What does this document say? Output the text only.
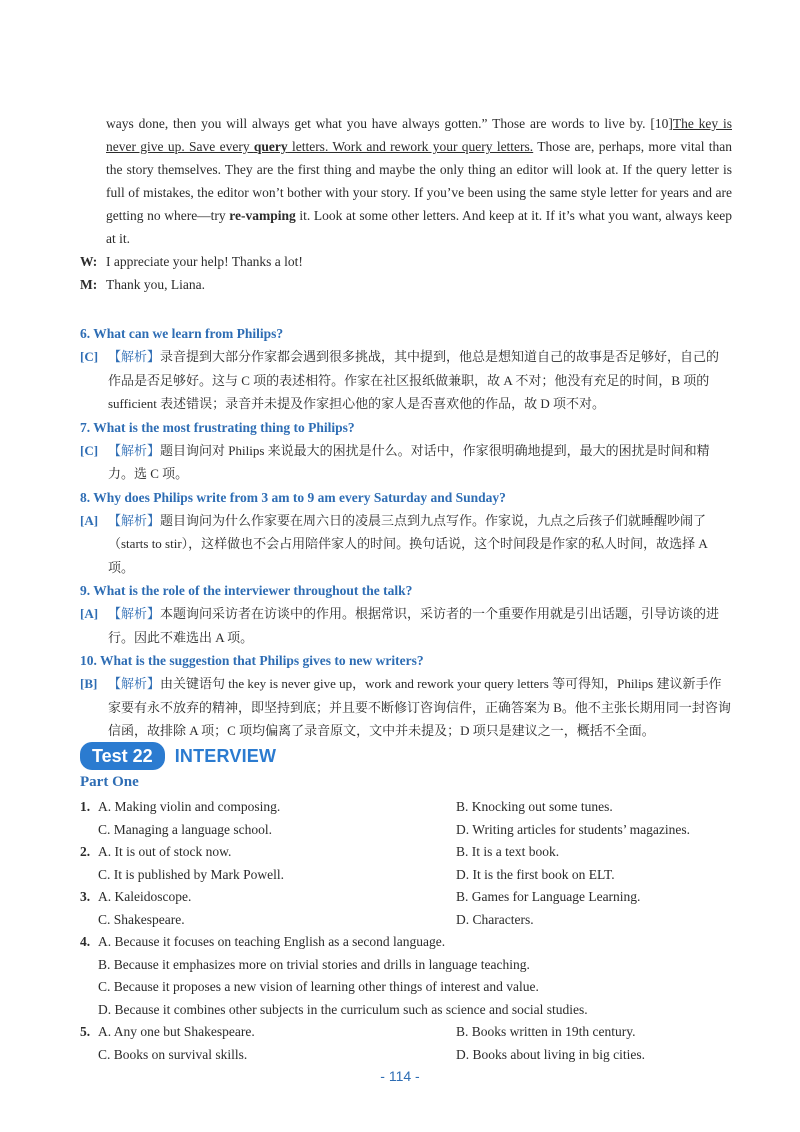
ways done, then you will always get what you have always gotten.” Those are words to live by. [10]The key is never give up. Save every query letters. Work and rework your query letters. Those are, perhaps, more vital than the story themselves. They are the first thing and maybe the only thing an editor will look at. If the query letter is full of mistakes, the editor won’t bother with your story. If you’ve been using the same style letter for years and are getting no where—try re-vamping it. Look at some other letters. And keep at it. If it’s what you want, always keep at it.

W: I appreciate your help! Thanks a lot!

M: Thank you, Liana.

6. What can we learn from Philips?

[C] 【解析】录音提到大部分作家都会遇到很多挑战，其中提到，他总是想知道自己的故事是否足够好，自己的作品是否足够好。这与 C 项的表述相符。作家在社区报纸做兼职，故 A 不对；他没有充足的时间，B 项的 sufficient 表述错误；录音并未提及作家担心他的家人是否喜欢他的作品，故 D 项不对。

7. What is the most frustrating thing to Philips?

[C] 【解析】题目询问对 Philips 来说最大的困扰是什么。对话中，作家很明确地提到，最大的困扰是时间和精力。选 C 项。

8. Why does Philips write from 3 am to 9 am every Saturday and Sunday?

[A] 【解析】题目询问为什么作家要在周六日的凌晨三点到九点写作。作家说，九点之后孩子们就睡醒吵闹了（starts to stir），这样做也不会占用陪伴家人的时间。换句话说，这个时间段是作家的私人时间，故选择 A 项。

9. What is the role of the interviewer throughout the talk?

[A] 【解析】本题询问采访者在访谈中的作用。根据常识，采访者的一个重要作用就是引出话题，引导访谈的进行。因此不难选出 A 项。

10. What is the suggestion that Philips gives to new writers?

[B] 【解析】由关键语句 the key is never give up，work and rework your query letters 等可得知，Philips 建议新手作家要有永不放弃的精神，即坚持到底；并且要不断修订咨询信件，正确答案为 B。他不主张长期用同一封咨询信函，故排除 A 项；C 项均偏离了录音原文，文中并未提及；D 项只是建议之一，概括不全面。

Test 22	INTERVIEW
Part One
1. A. Making violin and composing.	B. Knocking out some tunes.
C. Managing a language school.	D. Writing articles for students’ magazines.
2. A. It is out of stock now.	B. It is a text book.
C. It is published by Mark Powell.	D. It is the first book on ELT.
3. A. Kaleidoscope.	B. Games for Language Learning.
C. Shakespeare.	D. Characters.
4. A. Because it focuses on teaching English as a second language.
B. Because it emphasizes more on trivial stories and drills in language teaching.
C. Because it proposes a new vision of learning other things of interest and value.
D. Because it combines other subjects in the curriculum such as science and social studies.
5. A. Any one but Shakespeare.	B. Books written in 19th century.
C. Books on survival skills.	D. Books about living in big cities.
- 114 -
